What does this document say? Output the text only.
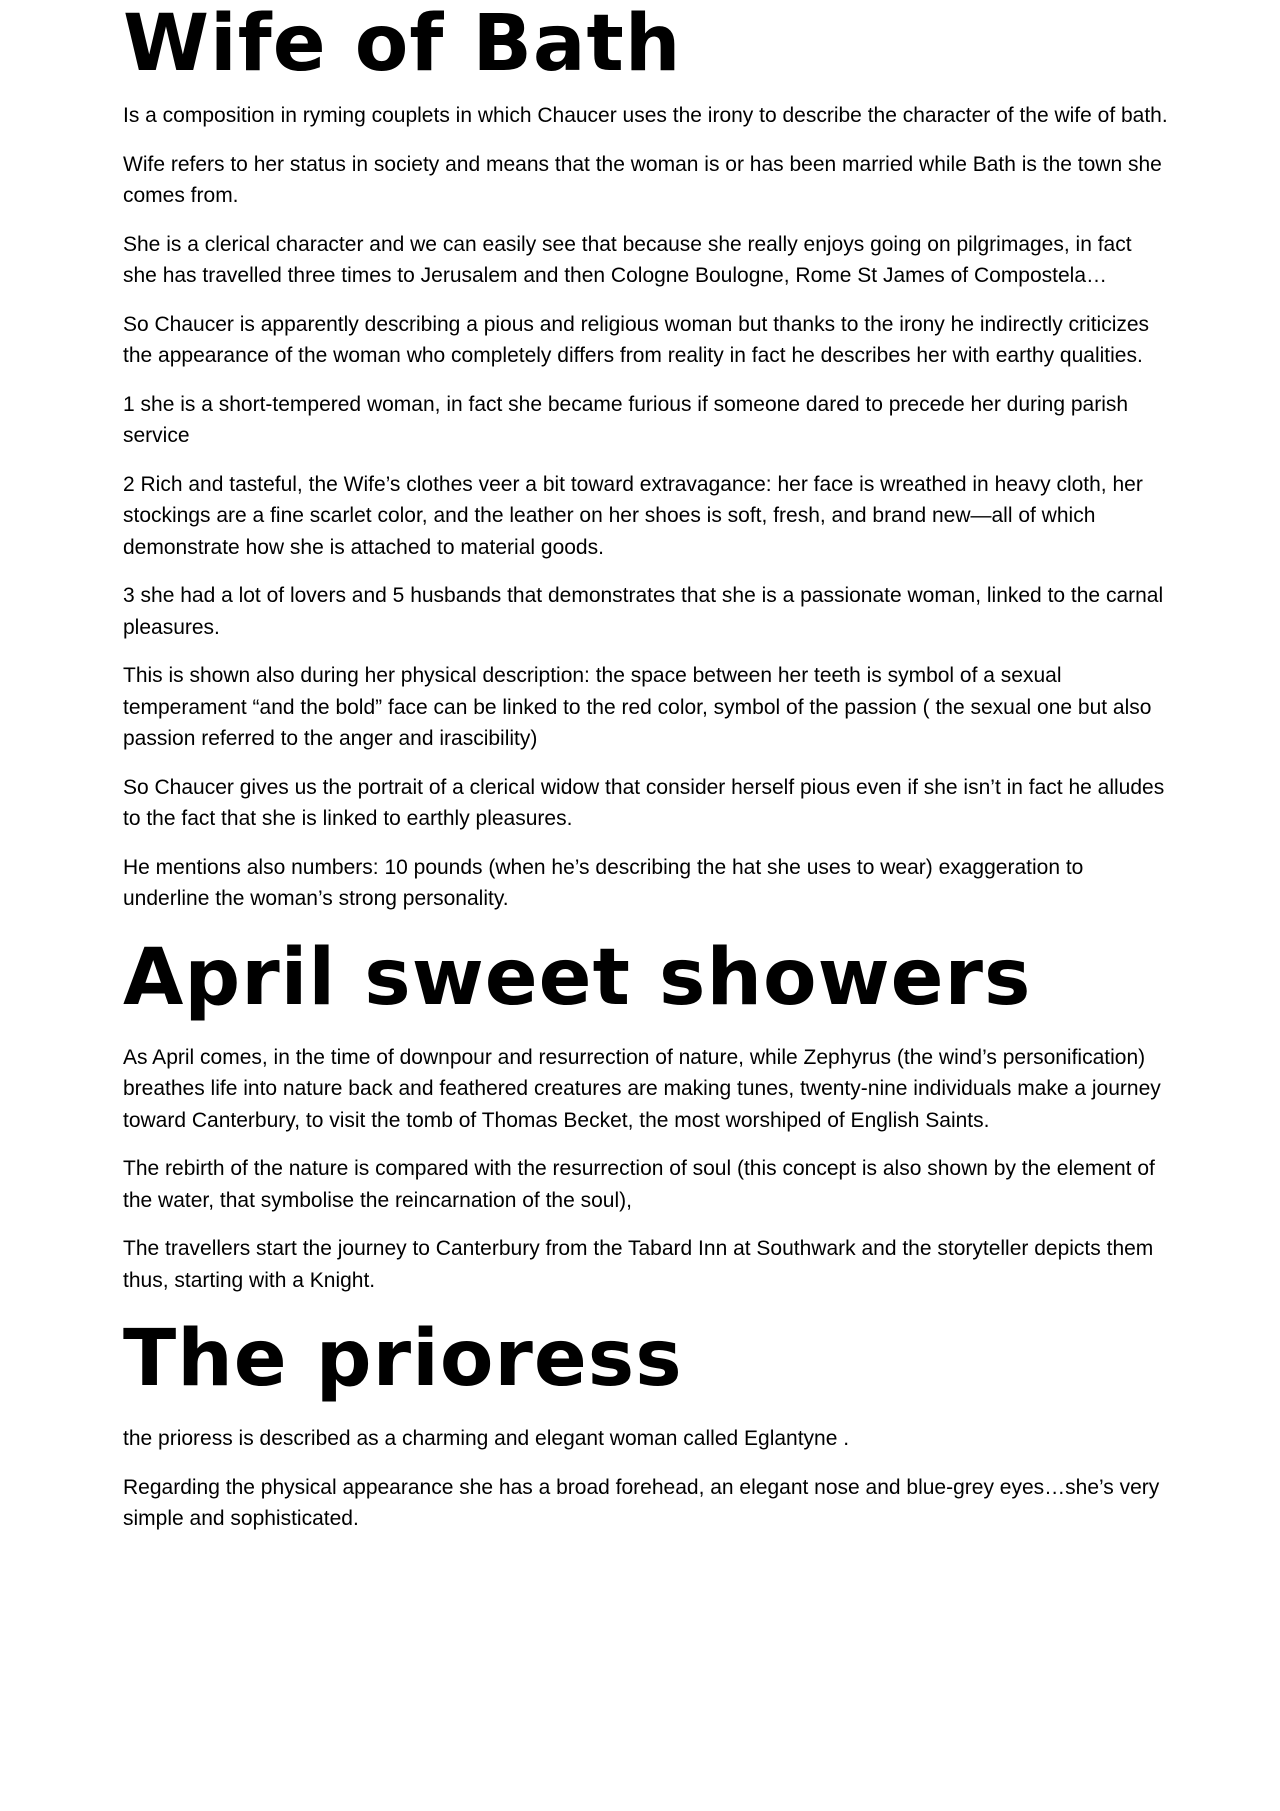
Wife of Bath

Is a composition in ryming couplets in which Chaucer uses the irony to describe the character of the wife of bath.

Wife refers to her status in society and means that the woman is or has been married while Bath is the town she comes from.

She is a clerical character and we can easily see that because she really enjoys going on pilgrimages, in fact she has travelled three times to Jerusalem and then Cologne Boulogne, Rome St James of Compostela…

So Chaucer is apparently describing a pious and religious woman but thanks to the irony he indirectly criticizes the appearance of the woman who completely differs from reality in fact he describes her with earthy qualities.

1 she is a short-tempered woman, in fact she became furious if someone dared to precede her during parish service

2 Rich and tasteful, the Wife’s clothes veer a bit toward extravagance: her face is wreathed in heavy cloth, her stockings are a fine scarlet color, and the leather on her shoes is soft, fresh, and brand new—all of which demonstrate how she is attached to material goods.

3 she had a lot of lovers and 5 husbands that demonstrates that she is a passionate woman, linked to the carnal pleasures.

This is shown also during her physical description: the space between her teeth is symbol of a sexual temperament “and the bold” face can be linked to the red color, symbol of the passion ( the sexual one but also passion referred to the anger and irascibility)

So Chaucer gives us the portrait of a clerical widow that consider herself pious even if she isn’t in fact he alludes to the fact that she is linked to earthly pleasures.

He mentions also numbers: 10 pounds (when he’s describing the hat she uses to wear) exaggeration to underline the woman’s strong personality.

April sweet showers

As April comes, in the time of downpour and resurrection of nature, while Zephyrus (the wind’s personification) breathes life into nature back and feathered creatures are making tunes, twenty-nine individuals make a journey toward Canterbury, to visit the tomb of Thomas Becket, the most worshiped of English Saints.

The rebirth of the nature is compared with the resurrection of soul (this concept is also shown by the element of the water, that symbolise the reincarnation of the soul),

The travellers start the journey to Canterbury from the Tabard Inn at Southwark and the storyteller depicts them thus, starting with a Knight.

The prioress

the prioress is described as a charming and elegant woman called Eglantyne .

Regarding the physical appearance she has a broad forehead, an elegant nose and blue-grey eyes…she’s very simple and sophisticated.
